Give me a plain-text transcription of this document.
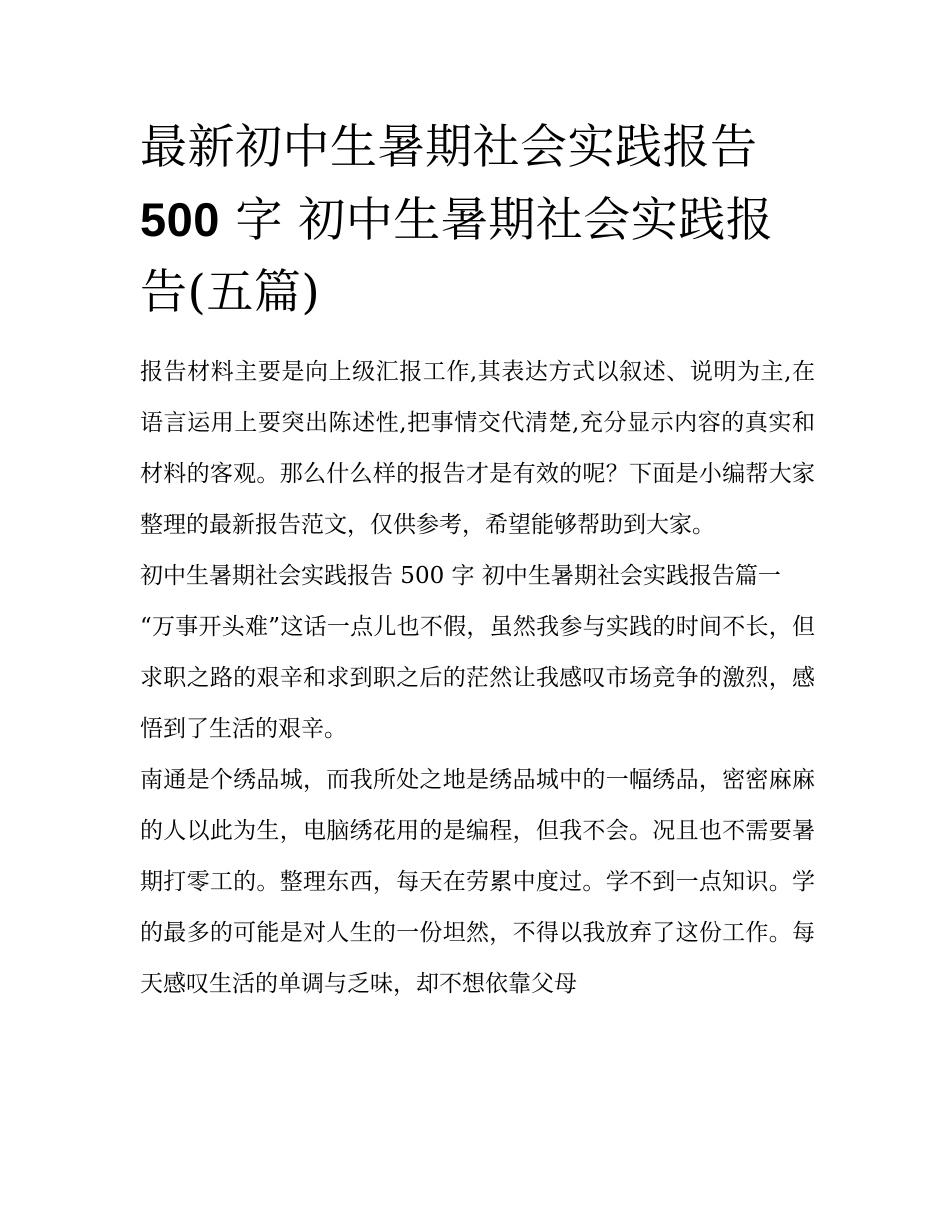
最新初中生暑期社会实践报告
500 字 初中生暑期社会实践报告(五篇)

报告材料主要是向上级汇报工作,其表达方式以叙述、说明为主,在语言运用上要突出陈述性,把事情交代清楚,充分显示内容的真实和材料的客观。那么什么样的报告才是有效的呢？下面是小编帮大家整理的最新报告范文，仅供参考，希望能够帮助到大家。

初中生暑期社会实践报告 500 字 初中生暑期社会实践报告篇一

“万事开头难”这话一点儿也不假，虽然我参与实践的时间不长，但求职之路的艰辛和求到职之后的茫然让我感叹市场竞争的激烈，感悟到了生活的艰辛。

南通是个绣品城，而我所处之地是绣品城中的一幅绣品，密密麻麻的人以此为生，电脑绣花用的是编程，但我不会。况且也不需要暑期打零工的。整理东西，每天在劳累中度过。学不到一点知识。学的最多的可能是对人生的一份坦然，不得以我放弃了这份工作。每天感叹生活的单调与乏味，却不想依靠父母
